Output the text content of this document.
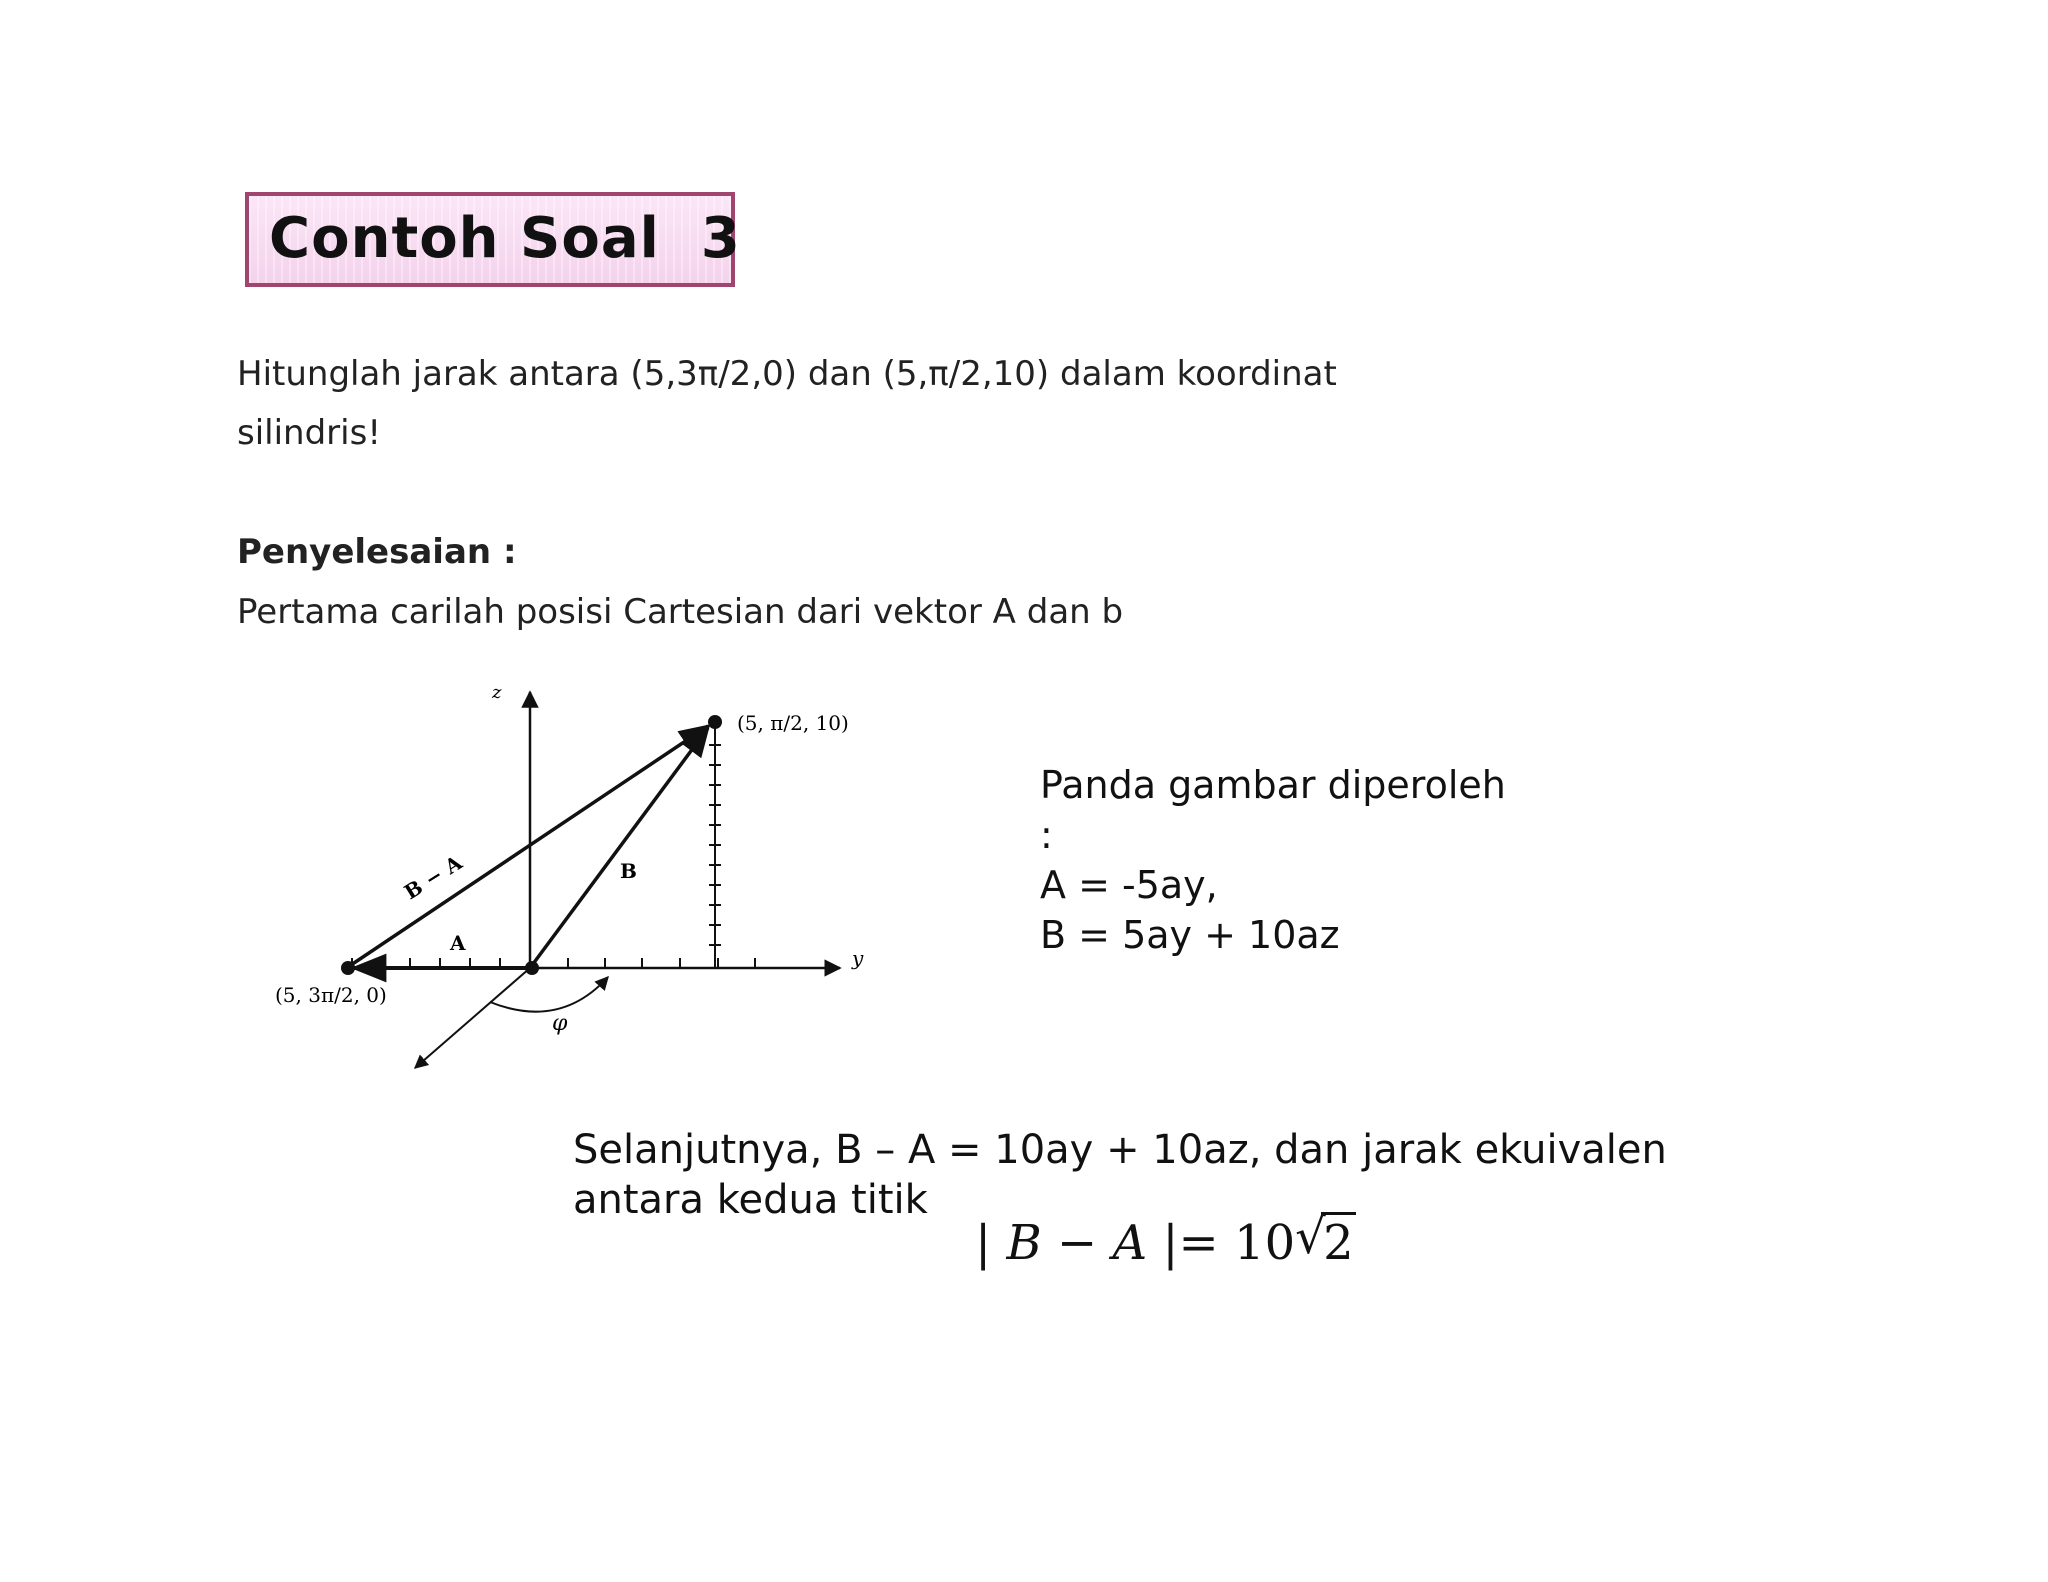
Contoh Soal  3
Hitunglah jarak antara (5,3π/2,0) dan (5,π/2,10) dalam koordinat
silindris!
Penyelesaian :
Pertama carilah posisi Cartesian dari vektor A dan b
z
y
A
B
B − A
(5, π/2, 10)
(5, 3π/2, 0)
φ
Panda gambar diperoleh
:
A = -5ay,
B = 5ay + 10az
Selanjutnya, B – A = 10ay + 10az, dan jarak ekuivalen
antara kedua titik
| B − A |= 10 √
2
